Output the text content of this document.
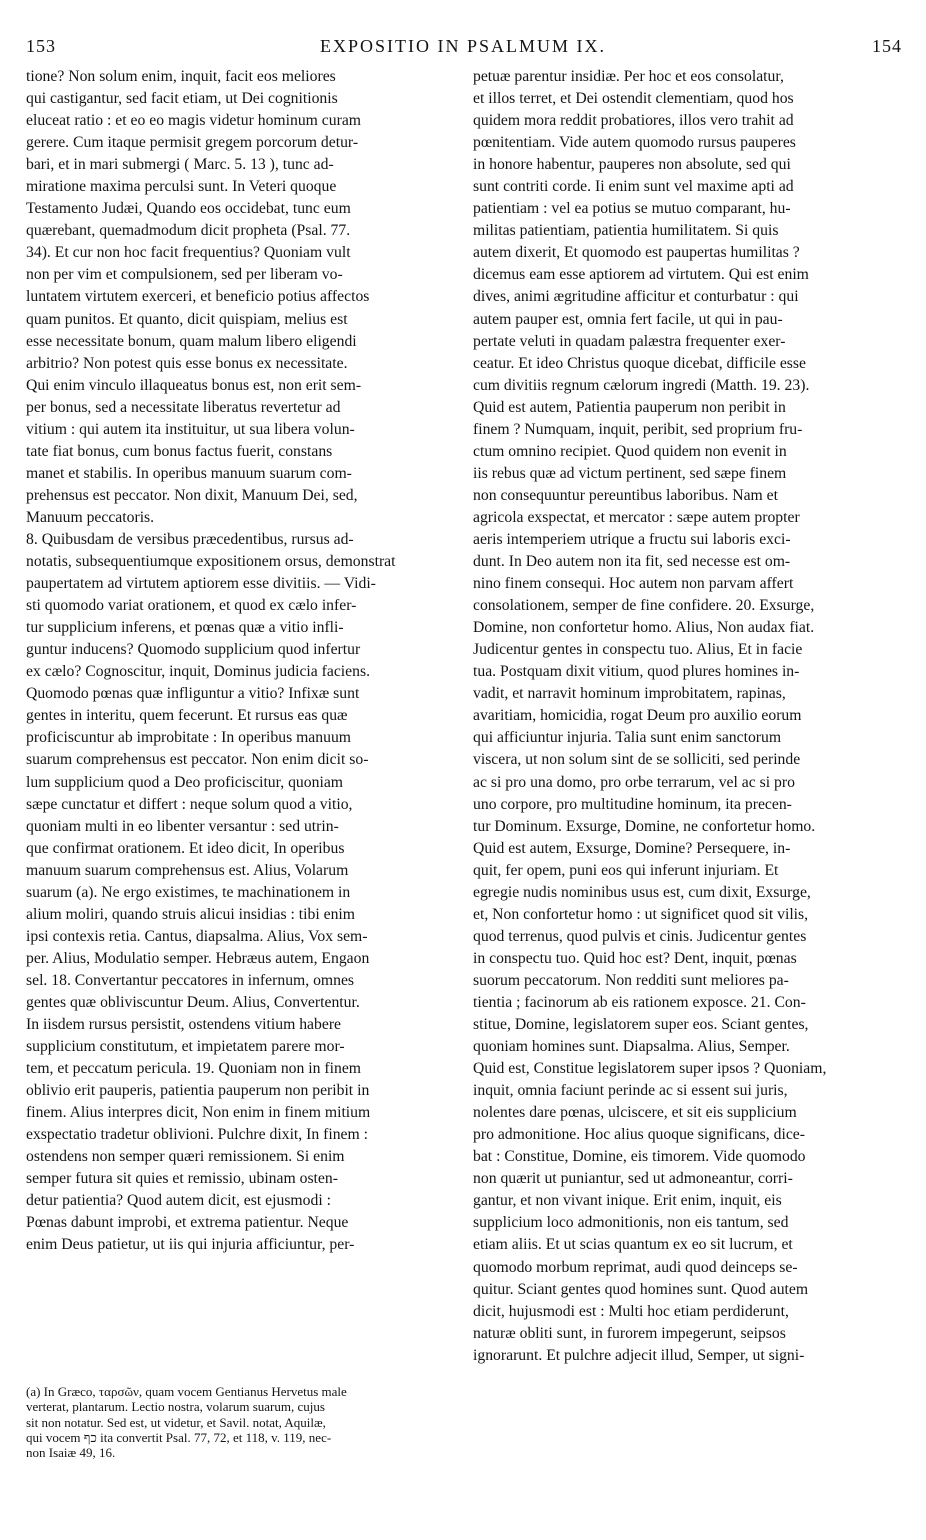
EXPOSITIO IN PSALMUM IX.
153	154
tione? Non solum enim, inquit, facit eos meliores
qui castigantur, sed facit etiam, ut Dei cognitionis
eluceat ratio : et eo eo magis videtur hominum curam
gerere. Cum itaque permisit gregem porcorum detur-
bari, et in mari submergi ( Marc. 5. 13 ), tunc ad-
miratione maxima perculsi sunt. In Veteri quoque
Testamento Judæi, Quando eos occidebat, tunc eum
quærebant, quemadmodum dicit propheta (Psal. 77.
34). Et cur non hoc facit frequentius? Quoniam vult
non per vim et compulsionem, sed per liberam vo-
luntatem virtutem exerceri, et beneficio potius affectos
quam punitos. Et quanto, dicit quispiam, melius est
esse necessitate bonum, quam malum libero eligendi
arbitrio? Non potest quis esse bonus ex necessitate.
Qui enim vinculo illaqueatus bonus est, non erit sem-
per bonus, sed a necessitate liberatus revertetur ad
vitium : qui autem ita instituitur, ut sua libera volun-
tate fiat bonus, cum bonus factus fuerit, constans
manet et stabilis. In operibus manuum suarum com-
prehensus est peccator. Non dixit, Manuum Dei, sed,
Manuum peccatoris.
8. Quibusdam de versibus præcedentibus, rursus ad-
notatis, subsequentiumque expositionem orsus, demonstrat
paupertatem ad virtutem aptiorem esse divitiis. — Vidi-
sti quomodo variat orationem, et quod ex cælo infer-
tur supplicium inferens, et pœnas quæ a vitio infli-
guntur inducens? Quomodo supplicium quod infertur
ex cælo? Cognoscitur, inquit, Dominus judicia faciens.
Quomodo pœnas quæ infliguntur a vitio? Infixæ sunt
gentes in interitu, quem fecerunt. Et rursus eas quæ
proficiscuntur ab improbitate : In operibus manuum
suarum comprehensus est peccator. Non enim dicit so-
lum supplicium quod a Deo proficiscitur, quoniam
sæpe cunctatur et differt : neque solum quod a vitio,
quoniam multi in eo libenter versantur : sed utrin-
que confirmat orationem. Et ideo dicit, In operibus
manuum suarum comprehensus est. Alius, Volarum
suarum (a). Ne ergo existimes, te machinationem in
alium moliri, quando struis alicui insidias : tibi enim
ipsi contexis retia. Cantus, diapsalma. Alius, Vox sem-
per. Alius, Modulatio semper. Hebræus autem, Engaon
sel. 18. Convertantur peccatores in infernum, omnes
gentes quæ obliviscuntur Deum. Alius, Convertentur.
In iisdem rursus persistit, ostendens vitium habere
supplicium constitutum, et impietatem parere mor-
tem, et peccatum pericula. 19. Quoniam non in finem
oblivio erit pauperis, patientia pauperum non peribit in
finem. Alius interpres dicit, Non enim in finem mitium
exspectatio tradetur oblivioni. Pulchre dixit, In finem :
ostendens non semper quæri remissionem. Si enim
semper futura sit quies et remissio, ubinam osten-
detur patientia? Quod autem dicit, est ejusmodi :
Pœnas dabunt improbi, et extrema patientur. Neque
enim Deus patietur, ut iis qui injuria afficiuntur, per-
petuæ parentur insidiæ. Per hoc et eos consolatur,
et illos terret, et Dei ostendit clementiam, quod hos
quidem mora reddit probatiores, illos vero trahit ad
pœnitentiam. Vide autem quomodo rursus pauperes
in honore habentur, pauperes non absolute, sed qui
sunt contriti corde. Ii enim sunt vel maxime apti ad
patientiam : vel ea potius se mutuo comparant, hu-
militas patientiam, patientia humilitatem. Si quis
autem dixerit, Et quomodo est paupertas humilitas ?
dicemus eam esse aptiorem ad virtutem. Qui est enim
dives, animi ægritudine afficitur et conturbatur : qui
autem pauper est, omnia fert facile, ut qui in pau-
pertate veluti in quadam palæstra frequenter exer-
ceatur. Et ideo Christus quoque dicebat, difficile esse
cum divitiis regnum cælorum ingredi (Matth. 19. 23).
Quid est autem, Patientia pauperum non peribit in
finem ? Numquam, inquit, peribit, sed proprium fru-
ctum omnino recipiet. Quod quidem non evenit in
iis rebus quæ ad victum pertinent, sed sæpe finem
non consequuntur pereuntibus laboribus. Nam et
agricola exspectat, et mercator : sæpe autem propter
aeris intemperiem utrique a fructu sui laboris exci-
dunt. In Deo autem non ita fit, sed necesse est om-
nino finem consequi. Hoc autem non parvam affert
consolationem, semper de fine confidere. 20. Exsurge,
Domine, non confortetur homo. Alius, Non audax fiat.
Judicentur gentes in conspectu tuo. Alius, Et in facie
tua. Postquam dixit vitium, quod plures homines in-
vadit, et narravit hominum improbitatem, rapinas,
avaritiam, homicidia, rogat Deum pro auxilio eorum
qui afficiuntur injuria. Talia sunt enim sanctorum
viscera, ut non solum sint de se solliciti, sed perinde
ac si pro una domo, pro orbe terrarum, vel ac si pro
uno corpore, pro multitudine hominum, ita precen-
tur Dominum. Exsurge, Domine, ne confortetur homo.
Quid est autem, Exsurge, Domine? Persequere, in-
quit, fer opem, puni eos qui inferunt injuriam. Et
egregie nudis nominibus usus est, cum dixit, Exsurge,
et, Non confortetur homo : ut significet quod sit vilis,
quod terrenus, quod pulvis et cinis. Judicentur gentes
in conspectu tuo. Quid hoc est? Dent, inquit, pœnas
suorum peccatorum. Non redditi sunt meliores pa-
tientia ; facinorum ab eis rationem exposce. 21. Con-
stitue, Domine, legislatorem super eos. Sciant gentes,
quoniam homines sunt. Diapsalma. Alius, Semper.
Quid est, Constitue legislatorem super ipsos ? Quoniam,
inquit, omnia faciunt perinde ac si essent sui juris,
nolentes dare pœnas, ulciscere, et sit eis supplicium
pro admonitione. Hoc alius quoque significans, dice-
bat : Constitue, Domine, eis timorem. Vide quomodo
non quærit ut puniantur, sed ut admoneantur, corri-
gantur, et non vivant inique. Erit enim, inquit, eis
supplicium loco admonitionis, non eis tantum, sed
etiam aliis. Et ut scias quantum ex eo sit lucrum, et
quomodo morbum reprimat, audi quod deinceps se-
quitur. Sciant gentes quod homines sunt. Quod autem
dicit, hujusmodi est : Multi hoc etiam perdiderunt,
naturæ obliti sunt, in furorem impegerunt, seipsos
ignorarunt. Et pulchre adjecit illud, Semper, ut signi-
(a) In Græco, ταρσῶν, quam vocem Gentianus Hervetus male
verterat, plantarum. Lectio nostra, volarum suarum, cujus
sit non notatur. Sed est, ut videtur, et Savil. notat, Aquilæ,
qui vocem כף ita convertit Psal. 77, 72, et 118, v. 119, nec-
non Isaiæ 49, 16.
